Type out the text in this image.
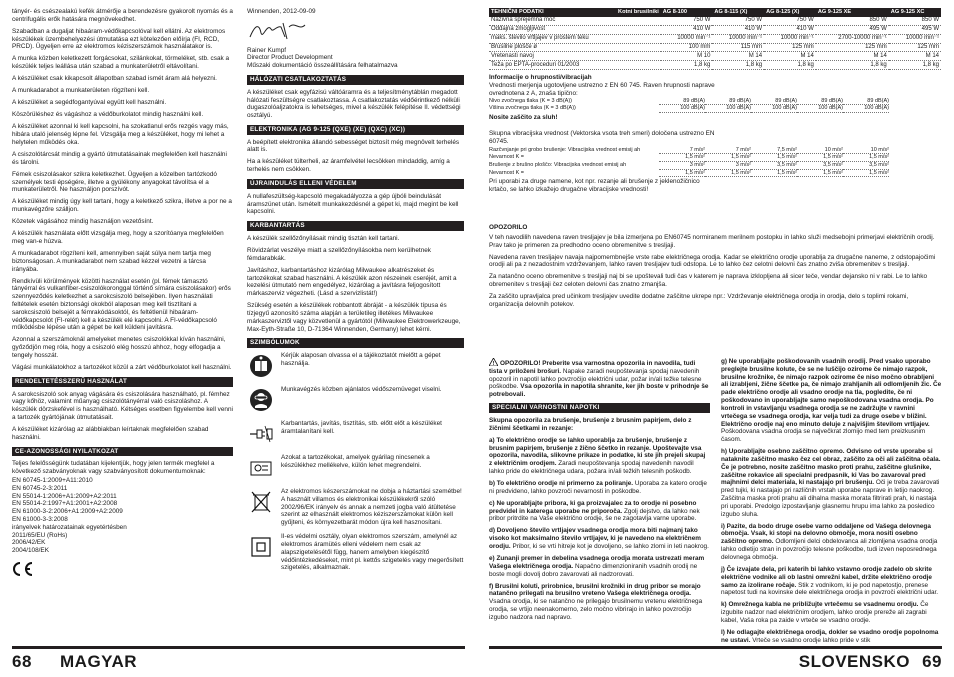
tányér- és csészealakú kefék átmérője a berendezésre gyakorolt nyomás és a centrifugális erők hatására megnövekedhet.

Szabadban a dugaljat hibaáram-védőkapcsolóval kell ellátni. Az elektromos készülékek üzembehelyezési útmutatása ezt kötelezően előírja (FI, RCD, PRCD). Ügyeljen erre az elektromos kéziszerszámok használatakor is.

A munka közben keletkezett forgácsokat, szilánkokat, törmeléket, stb. csak a készülék teljes leállása után szabad a munkaterületről eltávolítani.

A készüléket csak kikapcsolt állapotban szabad ismét áram alá helyezni.

A munkadarabot a munkaterületen rögzíteni kell.

A készüléket a segédfogantyúval együtt kell használni.

Köszörüléshez és vágáshoz a védőburkolatot mindig használni kell.

A készüléket azonnal ki kell kapcsolni, ha szokatlanul erős rezgés vagy más, hibára utaló jelenség lépne fel. Vizsgálja meg a készüléket, hogy mi lehet a helytelen működés oka.

A csiszolótárcsát mindig a gyártó útmutatásainak megfelelően kell használni és tárolni.

Fémek csiszolásakor szikra keletkezhet. Ügyeljen a közelben tartózkodó személyek testi épségére, illetve a gyúlékony anyagokat távolítsa el a munkaterületről. Ne használjon porszívót.

A készüléket mindig úgy kell tartani, hogy a keletkező szikra, illetve a por ne a munkavégzőre szálljon.

Közetek vágásához mindig használjon vezetősínt.

A készülék használata előtt vizsgálja meg, hogy a szorítóanya megfelelően meg van-e húzva.

A munkadarabot rögzíteni kell, amennyiben saját súlya nem tartja meg biztonságosan. A munkadarabot nem szabad kézzel vezetni a tárcsa irányába.

Rendkívüli körülmények közötti használat esetén (pl. fémek támasztó tányérral és vulkanfíber-csiszolókoronggal történő símára csiszolásakor) erős szennyeződés keletkezhet a sarokcsiszoló belsejében. Ilyen használati feltételek esetén biztonsági okokból alaposan meg kell tisztítani a sarokcsiszoló belsejét a fémrakódásoktól, és feltétlenül hibaáram-védőkapcsolót (FI-relét) kell a készülék elé kapcsolni. A FI-védőkapcsoló működésbe lépése után a gépet be kell küldeni javításra.

Azonnal a szerszámoknál amelyeket menetes csiszolókkal kíván használni, győződjön meg róla, hogy a csiszoló elég hosszú ahhoz, hogy elfogadja a tengely hosszát.

Vágási munkálatokhoz a tartozékot közül a zárt védőburkolatot kell használni.

RENDELTETÉSSZERŰ HASZNÁLAT

A sarokcsiszoló sok anyag vágására és csiszolására használható, pl. fémhez vagy kőhöz, valamint műanyag csiszolótányérral való csiszoláshoz. A készülék dörzskefével is használható. Kétséges esetben figyelembe kell venni a tartozék gyártójának útmutatásait.

A készüléket kizárólag az alábbiakban leírtaknak megfelelően szabad használni.

CE-AZONOSSÁGI NYILATKOZAT

Teljes felelősségünk tudatában kijelentjük, hogy jelen termék megfelel a következő szabványoknak vagy szabványosított dokumentumoknak:

EN 60745-1:2009+A11:2010
EN 60745-2-3:2011
EN 55014-1:2006+A1:2009+A2:2011
EN 55014-2:1997+A1:2001+A2:2008
EN 61000-3-2:2006+A1:2009+A2:2009
EN 61000-3-3:2008
irányelvek határozatainak egyetértésben
2011/65/EU (RoHs)
2006/42/EK
2004/108/EK

Winnenden, 2012-09-09

Rainer Kumpf

Director Product Development

Műszaki dokumentáció összeállítására felhatalmazva

HÁLÓZATI CSATLAKOZTATÁS

A készüléket csak egyfázisú váltóáramra és a teljesítménytáblán megadott hálózati feszültségre csatlakoztassa. A csatlakoztatás védőérintkező nélküli dugaszolóaljzatokra is lehetséges, mivel a készülék felépítése II. védettségi osztályú.

ELEKTRONIKA (AG 9-125 (QXE) (XE) (QXC) (XC))

A beépített elektronika állandó sebességet biztosít még megnövelt terhelés alatt is.

Ha a készüléket túlterheli, az áramfelvétel lecsökken mindaddig, amíg a terhelés nem csökken.

ÚJRAINDULÁS ELLENI VÉDELEM

A nullafeszültség-kapcsoló megakadályozza a gép újbóli beindulását áramszünet után. Ismételt munkakezdésnél a gépet ki, majd megint be kell kapcsolni.

KARBANTARTÁS

A készülék szellőzőnyílásait mindig tisztán kell tartani.

Rövidzárlat veszélye miatt a szellőzőnyílásokba nem kerülhetnek fémdarabkák.

Javításhoz, karbantartáshoz kizárólag Milwaukee alkatrészeket és tartozékokat szabad használni. A készülék azon részeinek cseréjét, amit a kezelési útmutató nem engedélyez, kizárólag a javításra feljogosított márkaszerviz végezheti. (Lásd a szervizlistát!)

Szükség esetén a készülékek robbantott ábráját - a készülék típusa és tízjegyű azonosító száma alapján a területileg illetékes Milwaukee márkaszerviztől vagy közvetlenül a gyártótól (Milwaukee Elektrowerkzeuge, Max-Eyth-Straße 10, D-71364 Winnenden, Germany) lehet kérni.

SZIMBÓLUMOK
Kérjük alaposan olvassa el a tájékoztatót mielőtt a gépet használja.
Munkavégzés közben ajánlatos védőszemüveget viselni.
Karbantartás, javítás, tisztítás, stb. előtt előt a készüléket áramtalanítani kell.
Azokat a tartozékokat, amelyek gyárilag nincsenek a készülékhez mellékelve, külön lehet megrendelni.
Az elektromos készerszámokat ne dobja a háztartási szemétbe! A használt villamos és elektronikai készülékekről szóló 2002/96/EK irányelv és annak a nemzeti jogba való átültetése szerint az elhasznált elektromos kéziszerszámokat külön kell gyűjteni, és környezetbarát módon újra kell hasznosítani.
II-es védelmi osztály, olyan elektromos szerszám, amelynél az elektromos áramütés elleni védelem nem csak az alapszigetelésétől függ, hanem amelyben kiegészítő védőintézkedéseket, mint pl. kettős szigetelés vagy megerősített szigetelés, alkalmaznak.
68 MAGYAR
TEHNIČNI PODATKI Kotni brusilniki	AG 8-100	AG 8-115 (X)	AG 8-125 (X)	AG 9-125 XE	AG 9-125 XC
Nazivna sprejemna moč	750 W	750 W	750 W	850 W	850 W
Oddajna zmogljivost	410 W	410 W	410 W	495 W	495 W
maks. število vrtljajev v prostem teku	10000 min⁻¹	10000 min⁻¹	10000 min⁻¹	2700-10000 min⁻¹	10000 min⁻¹
Brusilne plošče ø	100 mm	115 mm	125 mm	125 mm	125 mm
Vretenasti navoj	M 10	M 14	M 14	M 14	M 14
Teža po EPTA-proceduri 01/2003	1,8 kg	1,8 kg	1,8 kg	1,8 kg	1,8 kg

Informacije o hrupnosti/vibracijah

Vrednosti merjenja ugotovljene ustrezno z EN 60 745. Raven hrupnosti naprave ovrednotena z A, znaša tipično:

Nivo zvočnega tlaka (K = 3 dB(A))	89 dB(A)	89 dB(A)	89 dB(A)	89 dB(A)	89 dB(A)
Višina zvočnega tlaka (K = 3 dB(A))	100 dB(A)	100 dB(A)	100 dB(A)	100 dB(A)	100 dB(A)

Nosite zaščito za sluh!

Skupna vibracijska vrednost (Vektorska vsota treh smeri) določena ustrezno EN 60745.

Razčvnjanje pri grobo brušenje: Vibracijska vrednost emisij ah	7 m/s²	7 m/s²	7,5 m/s²	10 m/s²	10 m/s²
Nevarnost K =	1,5 m/s²	1,5 m/s²	1,5 m/s²	1,5 m/s²	1,5 m/s²
Brušenje z brušno ploščo: Vibracijska vrednost emisij ah	3 m/s²	3 m/s²	3,5 m/s²	3,5 m/s²	3,5 m/s²
Nevarnost K =	1,5 m/s²	1,5 m/s²	1,5 m/s²	1,5 m/s²	1,5 m/s²

Pri uporabi za druge namene, kot npr. rezanje ali brušenje z jeklenožičnico krtačo, se lahko izkažejo drugačne vibracijske vrednosti!

OPOZORILO

V teh navodilih navedena raven tresljajev je bila izmerjena po EN60745 normiranem merilnem postopku in lahko služi medsebojni primerjavi električnih orodij. Prav tako je primeren za predhodno oceno obremenitve s tresljaji.

Navedena raven tresljajev navaja najpomembnejše vrste rabe električnega orodja. Kadar se električno orodje uporablja za drugačne naneme, z odstopajočimi orodji ali pa z nezadostnim vzdrževanjem, lahko raven tresljajev tudi odstopa. Le to lahko čez celotni delovni čas znatno zviša obremenitev s tresljaji.

Za natančno oceno obremenitve s tresljaji naj bi se upoštevali tudi čas v katerem je naprava izklopljena ali sicer teče, vendar dejansko ni v rabi. Le to lahko obremenitev s tresljaji čez celoten delovni čas znatno zmanjša.

Za zaščito upravljalca pred učinkom tresljajev uvedite dodatne zaščitne ukrepe npr.: Vzdrževanje električnega orodja in orodja, delo s toplimi rokami, organizacija delovnih potekov.

! OPOZORILO! Preberite vsa varnostna opozorila in navodila, tudi tista v priloženi brošuri. Napake zaradi neupoštevanja spodaj navedenih opozoril in napotil lahko povzročijo električni udar, požar in/ali težke telesne poškodbe. Vsa opozorila in napotila shranite, ker jih boste v prihodnje še potrebovali.

SPECIALNI VARNOSTNI NAPOTKI

Skupna opozorila za brušenje, brušenje z brusnim papirjem, delo z žičnimi ščetkami in rezanje:

a) To električno orodje se lahko uporablja za brušenje, brušenje z brusnim papirjem, brušenje z žično ščetko in rezanje. Upoštevajte vsa opozorila, navodila, slikovne prikaze in podatke, ki ste jih prejeli skupaj z električnim orodjem. Zaradi neupoštevanja spodaj navedenih navodil lahko pride do električnega udara, požara in/ali težkih telesnih poškodb.

b) To električno orodje ni primerno za poliranje. Uporaba za katero orodje ni predvideno, lahko povzroči nevarnosti in poškodbe.

c) Ne uporabljajte pribora, ki ga proizvajalec za to orodje ni posebno predvidel in katerega uporabe ne priporoča. Zgolj dejstvo, da lahko nek pribor pritrdite na Vaše električno orodje, še ne zagotavlja varne uporabe.

d) Dovoljeno število vrtljajev vsadnega orodja mora biti najmanj tako visoko kot maksimalno število vrtljajev, ki je navedeno na električnem orodju. Pribor, ki se vrti hitreje kot je dovoljeno, se lahko zlomi in leti naokrog.

e) Zunanji premer in debelina vsadnega orodja morata ustrezati meram Vašega električnega orodja. Napačno dimenzioniranih vsadnih orodij ne boste mogli dovolj dobro zavarovati ali nadzorovati.

f) Brusilni koluti, prirobnice, brusilni krožniki in drug pribor se morajo natančno prilegati na brusilno vreteno Vašega električnega orodja. Vsadna orodja, ki se natančno ne prilegajo brusilnemu vretenu električnega orodja, se vrtijo neenakomerno, zelo močno vibrirajo in lahko povzročijo izgubo nadzora nad napravo.

g) Ne uporabljajte poškodovanih vsadnih orodij. Pred vsako uporabo preglejte brusilne kolute, če se ne luščijo ozirome če nimajo razpok, brusilne krožnike, če nimajo razpok ozirome če niso močno obrabljeni ali izrabljeni, žične ščetke pa, če nimajo zrahljanih ali odlomljenih žic. Če pade električno orodje ali vsadno orodje na tla, pogledite, če ni poškodovano in uporabljajte samo nepoškodovana vsadna orodja. Po kontroli in vstavljanju vsadnega orodja se ne zadržujte v ravnini vrtečega se vsadnega orodja, kar velja tudi za druge osebe v bližini. Električno orodje naj eno minuto deluje z najvišjim številom vrtljajev. Poškodovana vsadna orodja se največkrat zlomijo med tem preizkusnim časom.

h) Uporabljajte osebno zaščitno opremo. Odvisno od vrste uporabe si nataknite zaščitno masko čez cel obraz, zaščito za oči ali zaščitna očala. Če je potrebno, nosite zaščitno masko proti prahu, zaščitne glušnike, zaščitne rokavice ali specialni predpasnik, ki Vas bo zavaroval pred majhnimi delci materiala, ki nastajajo pri brušenju. Oči je treba zavarovati pred tujki, ki nastajajo pri različnih vrstah uporabe naprave in letijo naokrog. Zaščitna maska proti prahu ali dihalna maska morata filtrirati prah, ki nastaja pri uporabi. Predolgo izpostavljanje glasnemu hrupu ima lahko za posledico izgubo sluha.

i) Pazite, da bodo druge osebe varno oddaljene od Vašega delovnega območja. Vsak, ki stopi na delovno območje, mora nositi osebno zaščitno opremo. Odlomljeni delci obdelovanca ali zlomljena vsadna orodja lahko odletijo stran in povzročijo telesne poškodbe, tudi izven neposrednega delovnega območja.

j) Če izvajate dela, pri katerih bi lahko vstavno orodje zadelo ob skrite električne vodnike ali ob lastni omrežni kabel, držite električno orodje samo za izolirane ročaje. Stik z vodnikom, ki je pod napetostjo, prenese napetost tudi na kovinske dele električnega orodja in povzroči električni udar.

k) Omrežnega kabla ne približujte vrtečemu se vsadnemu orodju. Če izgubite nadzor nad električnim orodjem, lahko orodje prereže ali zagrabi kabel, Vaša roka pa zaide v vrteče se vsadno orodje.

l) Ne odlagajte električnega orodja, dokler se vsadno orodje popolnoma ne ustavi. Vrteče se vsadno orodje lahko pride v stik

SLOVENSKO 69
